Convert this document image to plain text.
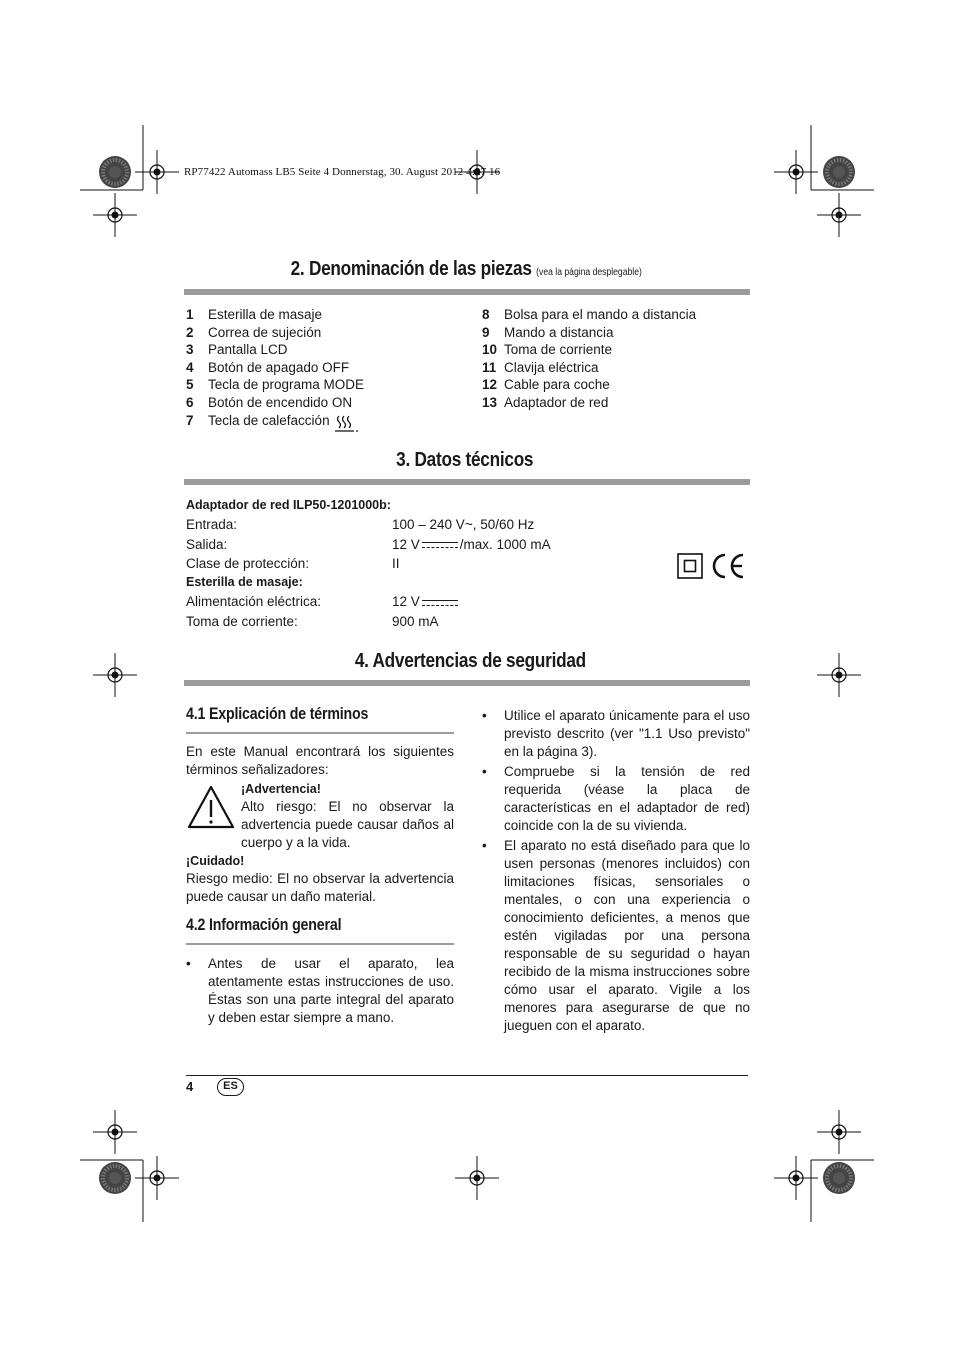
RP77422 Automass LB5 Seite 4 Donnerstag, 30. August 2012 4:27 16
2. Denominación de las piezas (vea la página desplegable)
1	Esterilla de masaje
2	Correa de sujeción
3	Pantalla LCD
4	Botón de apagado OFF
5	Tecla de programa MODE
6	Botón de encendido ON
7	Tecla de calefacción
8	Bolsa para el mando a distancia
9	Mando a distancia
10 Toma de corriente
11 Clavija eléctrica
12 Cable para coche
13 Adaptador de red
3. Datos técnicos
Adaptador de red ILP50-1201000b:
Entrada:	100 – 240 V~, 50/60 Hz
Salida:	12 V	/max. 1000 mA
Clase de protección:	II
Esterilla de masaje:
Alimentación eléctrica:	12 V
Toma de corriente:	900 mA
4. Advertencias de seguridad
4.1 Explicación de términos
En este Manual encontrará los siguientes términos señalizadores:
¡Advertencia!
Alto riesgo: El no observar la advertencia puede causar daños al cuerpo y a la vida.
¡Cuidado!
Riesgo medio: El no observar la advertencia puede causar un daño material.
4.2 Información general
• Antes de usar el aparato, lea atentamente estas instrucciones de uso. Éstas son una parte integral del aparato y deben estar siempre a mano.
• Utilice el aparato únicamente para el uso previsto descrito (ver "1.1 Uso previsto" en la página 3).
• Compruebe si la tensión de red requerida (véase la placa de características en el adaptador de red) coincide con la de su vivienda.
• El aparato no está diseñado para que lo usen personas (menores incluidos) con limitaciones físicas, sensoriales o mentales, o con una experiencia o conocimiento deficientes, a menos que estén vigiladas por una persona responsable de su seguridad o hayan recibido de la misma instrucciones sobre cómo usar el aparato. Vigile a los menores para asegurarse de que no jueguen con el aparato.
4	ES
